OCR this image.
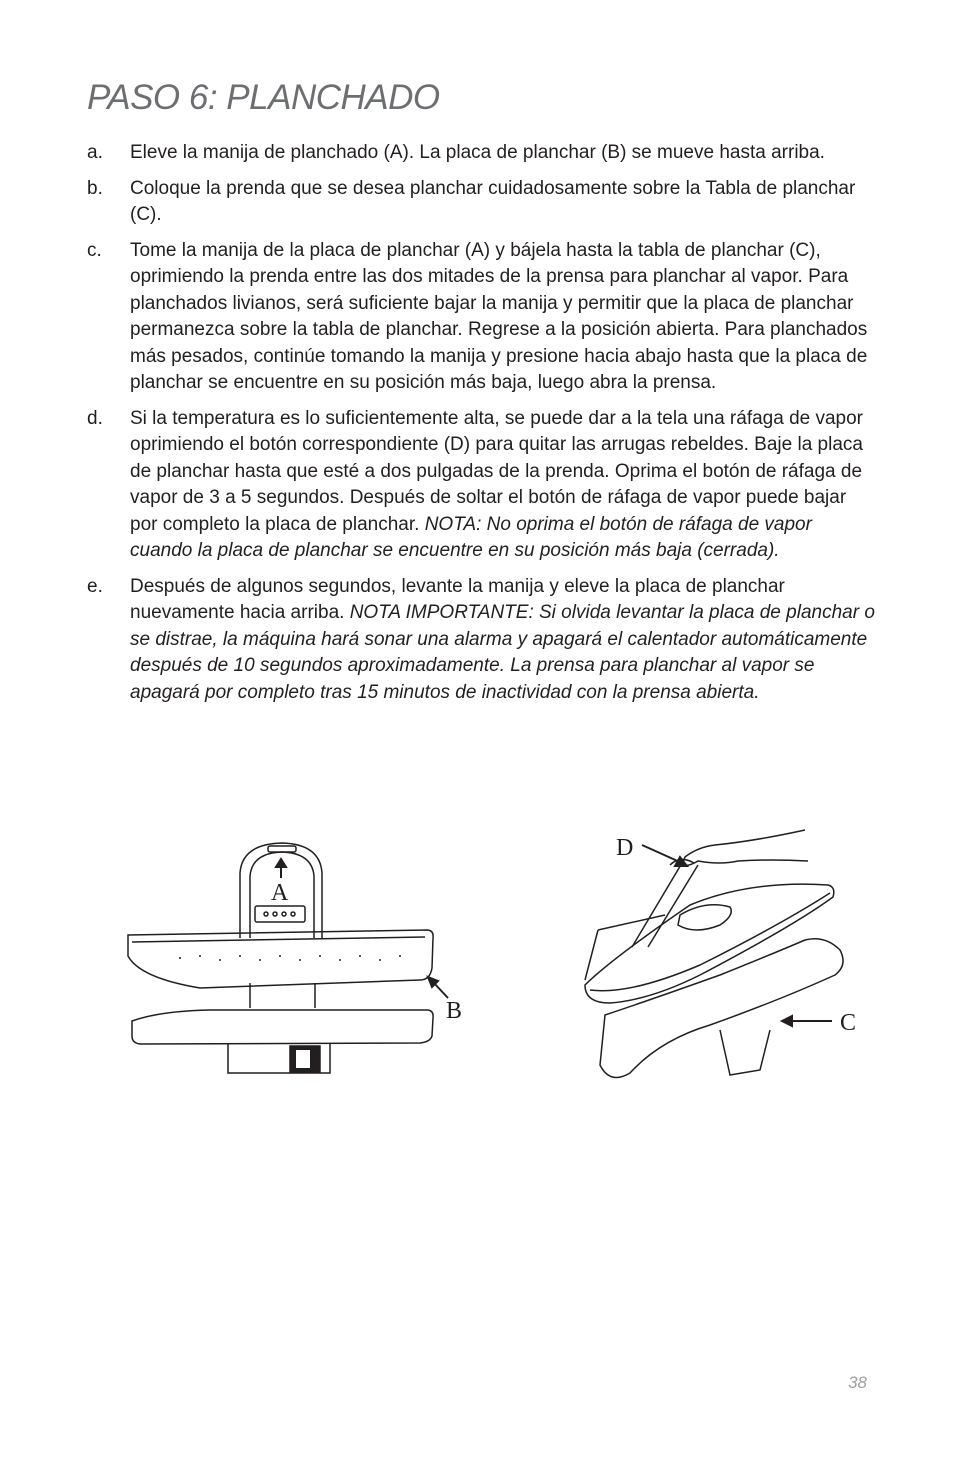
PASO 6: PLANCHADO
a. Eleve la manija de planchado (A). La placa de planchar (B) se mueve hasta arriba.
b. Coloque la prenda que se desea planchar cuidadosamente sobre la Tabla de planchar (C).
c. Tome la manija de la placa de planchar (A) y bájela hasta la tabla de planchar (C), oprimiendo la prenda entre las dos mitades de la prensa para planchar al vapor. Para planchados livianos, será suficiente bajar la manija y permitir que la placa de planchar permanezca sobre la tabla de planchar. Regrese a la posición abierta. Para planchados más pesados, continúe tomando la manija y presione hacia abajo hasta que la placa de planchar se encuentre en su posición más baja, luego abra la prensa.
d. Si la temperatura es lo suficientemente alta, se puede dar a la tela una ráfaga de vapor oprimiendo el botón correspondiente (D) para quitar las arrugas rebeldes. Baje la placa de planchar hasta que esté a dos pulgadas de la prenda. Oprima el botón de ráfaga de vapor de 3 a 5 segundos. Después de soltar el botón de ráfaga de vapor puede bajar por completo la placa de planchar. NOTA: No oprima el botón de ráfaga de vapor cuando la placa de planchar se encuentre en su posición más baja (cerrada).
e. Después de algunos segundos, levante la manija y eleve la placa de planchar nuevamente hacia arriba. NOTA IMPORTANTE: Si olvida levantar la placa de planchar o se distrae, la máquina hará sonar una alarma y apagará el calentador automáticamente después de 10 segundos aproximadamente. La prensa para planchar al vapor se apagará por completo tras 15 minutos de inactividad con la prensa abierta.
A
B
D
C
38
